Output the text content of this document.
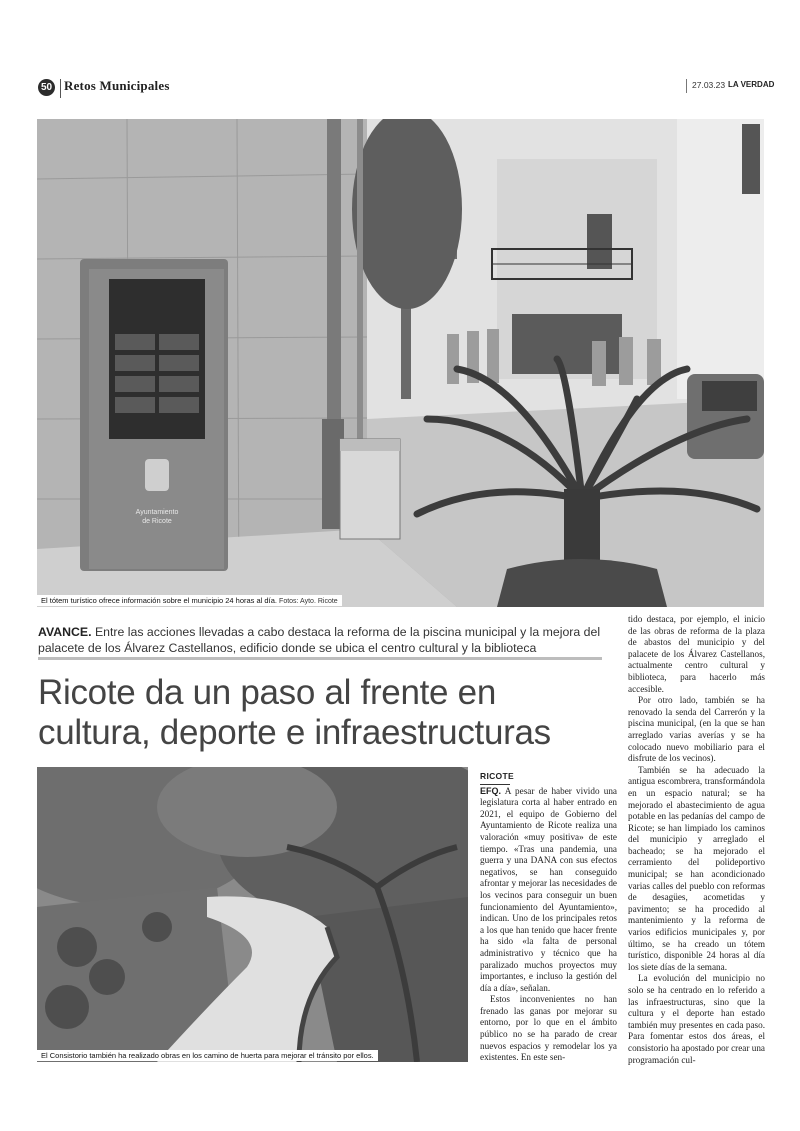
50 Retos Municipales	27.03.23 LA VERDAD
Ayuntamiento
de Ricote
El tótem turístico ofrece información sobre el municipio 24 horas al día. Fotos: Ayto. Ricote
AVANCE. Entre las acciones llevadas a cabo destaca la reforma de la piscina municipal y la mejora del palacete de los Álvarez Castellanos, edificio donde se ubica el centro cultural y la biblioteca
Ricote da un paso al frente en
cultura, deporte e infraestructuras
El Consistorio también ha realizado obras en los camino de huerta para mejorar el tránsito por ellos.
RICOTE

EFQ. A pesar de haber vivido una legislatura corta al haber entrado en 2021, el equipo de Gobierno del Ayuntamiento de Ricote realiza una valoración «muy positiva» de este tiempo. «Tras una pandemia, una guerra y una DANA con sus efectos negativos, se han conseguido afrontar y mejorar las necesidades de los vecinos para conseguir un buen funcionamiento del Ayuntamiento», indican. Uno de los principales retos a los que han tenido que hacer frente ha sido «la falta de personal administrativo y técnico que ha paralizado muchos proyectos muy importantes, e incluso la gestión del día a día», señalan.

Estos inconvenientes no han frenado las ganas por mejorar su entorno, por lo que en el ámbito público no se ha parado de crear nuevos espacios y remodelar los ya existentes. En este sen-

tido destaca, por ejemplo, el inicio de las obras de reforma de la plaza de abastos del municipio y del palacete de los Álvarez Castellanos, actualmente centro cultural y biblioteca, para hacerlo más accesible.

Por otro lado, también se ha renovado la senda del Carrerón y la piscina municipal, (en la que se han arreglado varias averías y se ha colocado nuevo mobiliario para el disfrute de los vecinos).

También se ha adecuado la antigua escombrera, transformándola en un espacio natural; se ha mejorado el abastecimiento de agua potable en las pedanías del campo de Ricote; se han limpiado los caminos del municipio y arreglado el bacheado; se ha mejorado el cerramiento del polideportivo municipal; se han acondicionado varias calles del pueblo con reformas de desagües, acometidas y pavimento; se ha procedido al mantenimiento y la reforma de varios edificios municipales y, por último, se ha creado un tótem turístico, disponible 24 horas al día los siete días de la semana.

La evolución del municipio no solo se ha centrado en lo referido a las infraestructuras, sino que la cultura y el deporte han estado también muy presentes en cada paso. Para fomentar estos dos áreas, el consistorio ha apostado por crear una programación cul-
